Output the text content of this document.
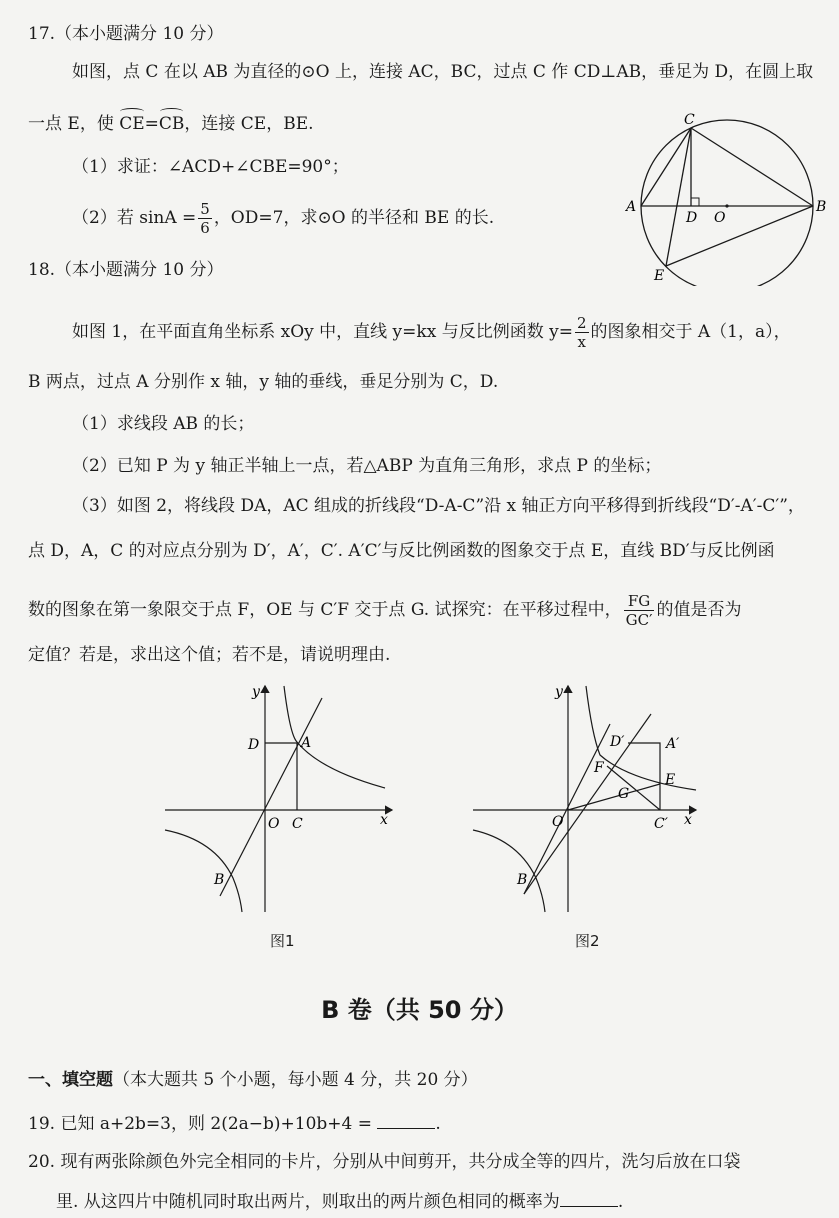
17.（本小题满分 10 分）
如图，点 C 在以 AB 为直径的⊙O 上，连接 AC，BC，过点 C 作 CD⊥AB，垂足为 D，在圆上取
一点 E，使 CE=CB，连接 CE，BE.
（1）求证：∠ACD+∠CBE=90°；
（2）若 $\sin A = \frac{5}{6}$ ，OD=7，求⊙O 的半径和 BE 的长.
C
A	B
D O
E
18.（本小题满分 10 分）
如图 1，在平面直角坐标系 xOy 中，直线 y=kx 与反比例函数 $y= \frac{2}{x}$ 的图象相交于 A（1，a），
B 两点，过点 A 分别作 x 轴，y 轴的垂线，垂足分别为 C，D.
（1）求线段 AB 的长；
（2）已知 P 为 y 轴正半轴上一点，若△ABP 为直角三角形，求点 P 的坐标；
（3）如图 2，将线段 DA，AC 组成的折线段“D-A-C”沿 x 轴正方向平移得到折线段“D′-A′-C′”，
点 D，A，C 的对应点分别为 D′，A′，C′. A′C′与反比例函数的图象交于点 E，直线 BD′与反比例函
数的图象在第一象限交于点 F，OE 与 C′F 交于点 G. 试探究：在平移过程中， $\frac{FG}{GC'}$ 的值是否为
定值？若是，求出这个值；若不是，请说明理由.
y
x
O C
D	A
B
图1
y
x
O	C′
D′	A′
E
F
G
B
图2
B 卷（共 50 分）
一、填空题（本大题共 5 个小题，每小题 4 分，共 20 分）
19. 已知 a+2b=3，则 2(2a−b)+10b+4 =	.
20. 现有两张除颜色外完全相同的卡片，分别从中间剪开，共分成全等的四片，洗匀后放在口袋
里. 从这四片中随机同时取出两片，则取出的两片颜色相同的概率为	.
